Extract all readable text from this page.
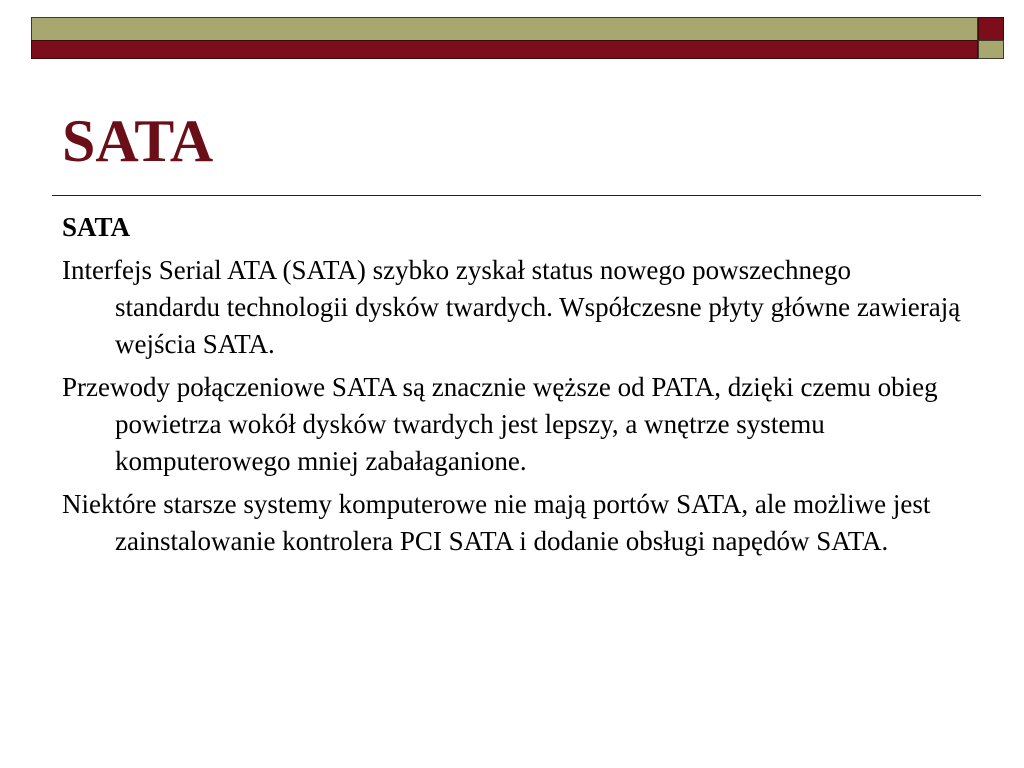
SATA
SATA
Interfejs Serial ATA (SATA) szybko zyskał status nowego powszechnego standardu technologii dysków twardych. Współczesne płyty główne zawierają wejścia SATA.
Przewody połączeniowe SATA są znacznie węższe od PATA, dzięki czemu obieg powietrza wokół dysków twardych jest lepszy, a wnętrze systemu komputerowego mniej zabałaganione.
Niektóre starsze systemy komputerowe nie mają portów SATA, ale możliwe jest zainstalowanie kontrolera PCI SATA i dodanie obsługi napędów SATA.
